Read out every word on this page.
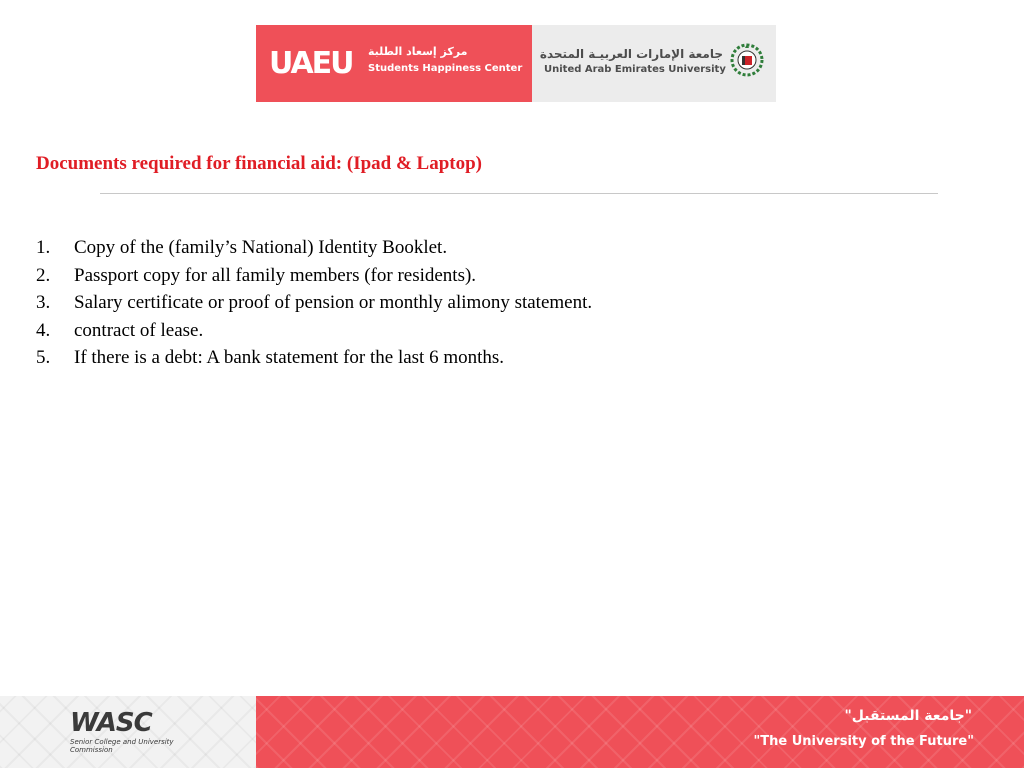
UAEU مركز إسعاد الطلبة
Students Happiness Center
جامعة الإمارات العربيـة المتحدة
United Arab Emirates University
Documents required for financial aid: (Ipad & Laptop)
1.	Copy of the (family’s National) Identity Booklet.
2.	Passport copy for all family members (for residents).
3.	Salary certificate or proof of pension or monthly alimony statement.
4.	contract of lease.
5.	If there is a debt: A bank statement for the last 6 months.
WASC
Senior College and University Commission
"جامعة المستقبل"
"The University of the Future"
